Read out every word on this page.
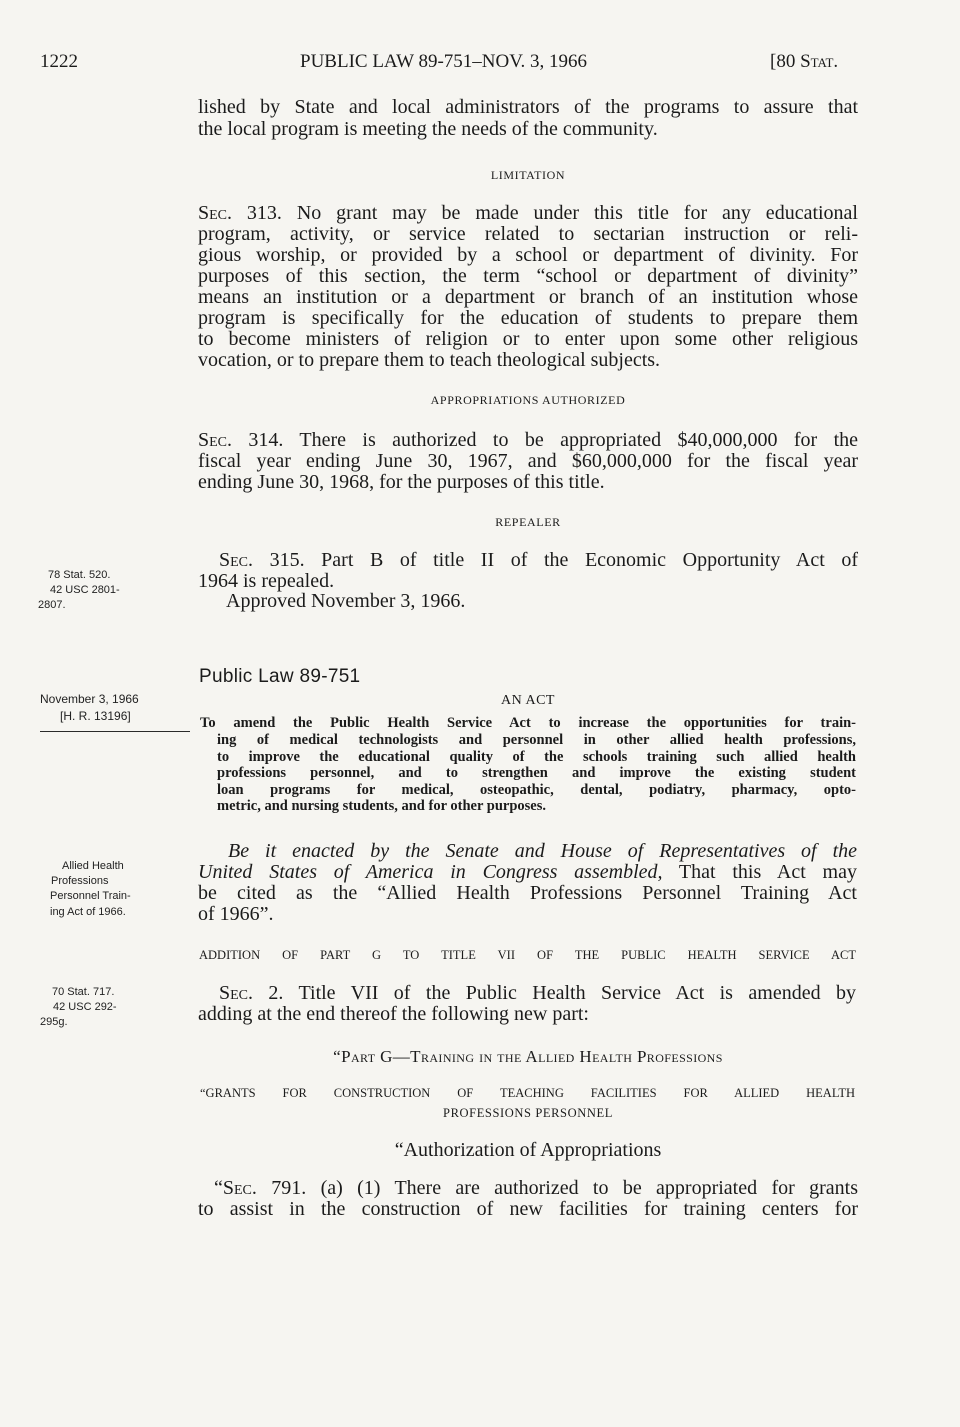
1222	PUBLIC LAW 89-751–NOV. 3, 1966	[80 Stat.
lished by State and local administrators of the programs to assure that
the local program is meeting the needs of the community.
LIMITATION
Sec. 313. No grant may be made under this title for any educational
program, activity, or service related to sectarian instruction or reli-
gious worship, or provided by a school or department of divinity. For
purposes of this section, the term “school or department of divinity”
means an institution or a department or branch of an institution whose
program is specifically for the education of students to prepare them
to become ministers of religion or to enter upon some other religious
vocation, or to prepare them to teach theological subjects.
APPROPRIATIONS AUTHORIZED
Sec. 314. There is authorized to be appropriated $40,000,000 for the
fiscal year ending June 30, 1967, and $60,000,000 for the fiscal year
ending June 30, 1968, for the purposes of this title.
REPEALER
Sec. 315. Part B of title II of the Economic Opportunity Act of
1964 is repealed.
Approved November 3, 1966.
78 Stat. 520.
42 USC 2801-
2807.
Public Law 89-751
AN ACT
November 3, 1966
[H. R. 13196]	To amend the Public Health Service Act to increase the opportunities for train-
ing of medical technologists and personnel in other allied health professions,
to improve the educational quality of the schools training such allied health
professions personnel, and to strengthen and improve the existing student
loan programs for medical, osteopathic, dental, podiatry, pharmacy, opto-
metric, and nursing students, and for other purposes.
Be it enacted by the Senate and House of Representatives of the
United States of America in Congress assembled, That this Act may
be cited as the “Allied Health Professions Personnel Training Act
of 1966”.
Allied Health
Professions
Personnel Train-
ing Act of 1966.
ADDITION OF PART G TO TITLE VII OF THE PUBLIC HEALTH SERVICE ACT
Sec. 2. Title VII of the Public Health Service Act is amended by
adding at the end thereof the following new part:
70 Stat. 717.
42 USC 292-
295g.
“Part G—Training in the Allied Health Professions
“GRANTS FOR CONSTRUCTION OF TEACHING FACILITIES FOR ALLIED HEALTH
PROFESSIONS PERSONNEL
“Authorization of Appropriations
“Sec. 791. (a) (1) There are authorized to be appropriated for grants
to assist in the construction of new facilities for training centers for
